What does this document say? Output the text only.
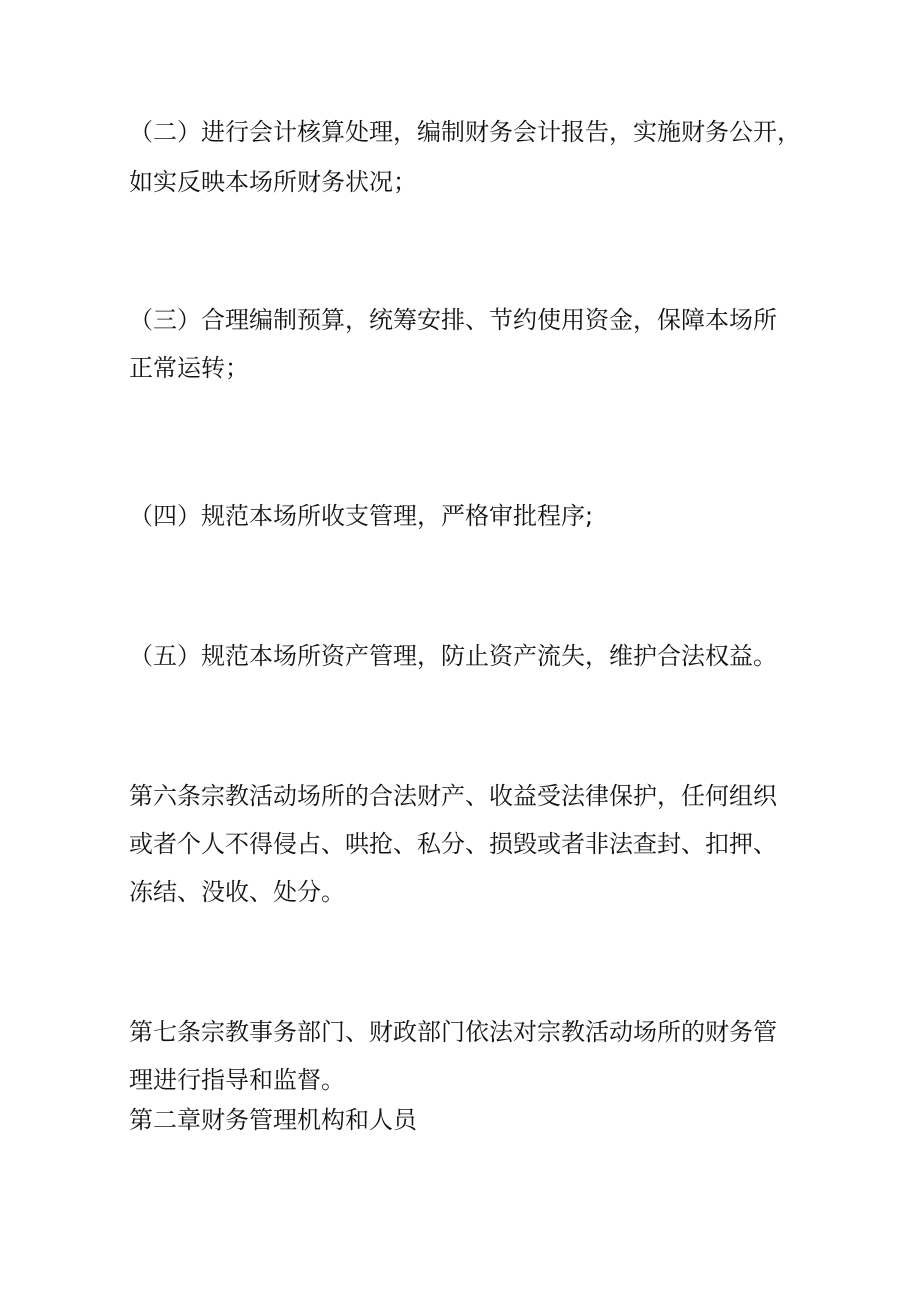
（二）进行会计核算处理，编制财务会计报告，实施财务公开，
如实反映本场所财务状况；
（三）合理编制预算，统筹安排、节约使用资金，保障本场所
正常运转；
（四）规范本场所收支管理，严格审批程序;
（五）规范本场所资产管理，防止资产流失，维护合法权益。
第六条宗教活动场所的合法财产、收益受法律保护，任何组织
或者个人不得侵占、哄抢、私分、损毁或者非法查封、扣押、
冻结、没收、处分。
第七条宗教事务部门、财政部门依法对宗教活动场所的财务管
理进行指导和监督。
第二章财务管理机构和人员
